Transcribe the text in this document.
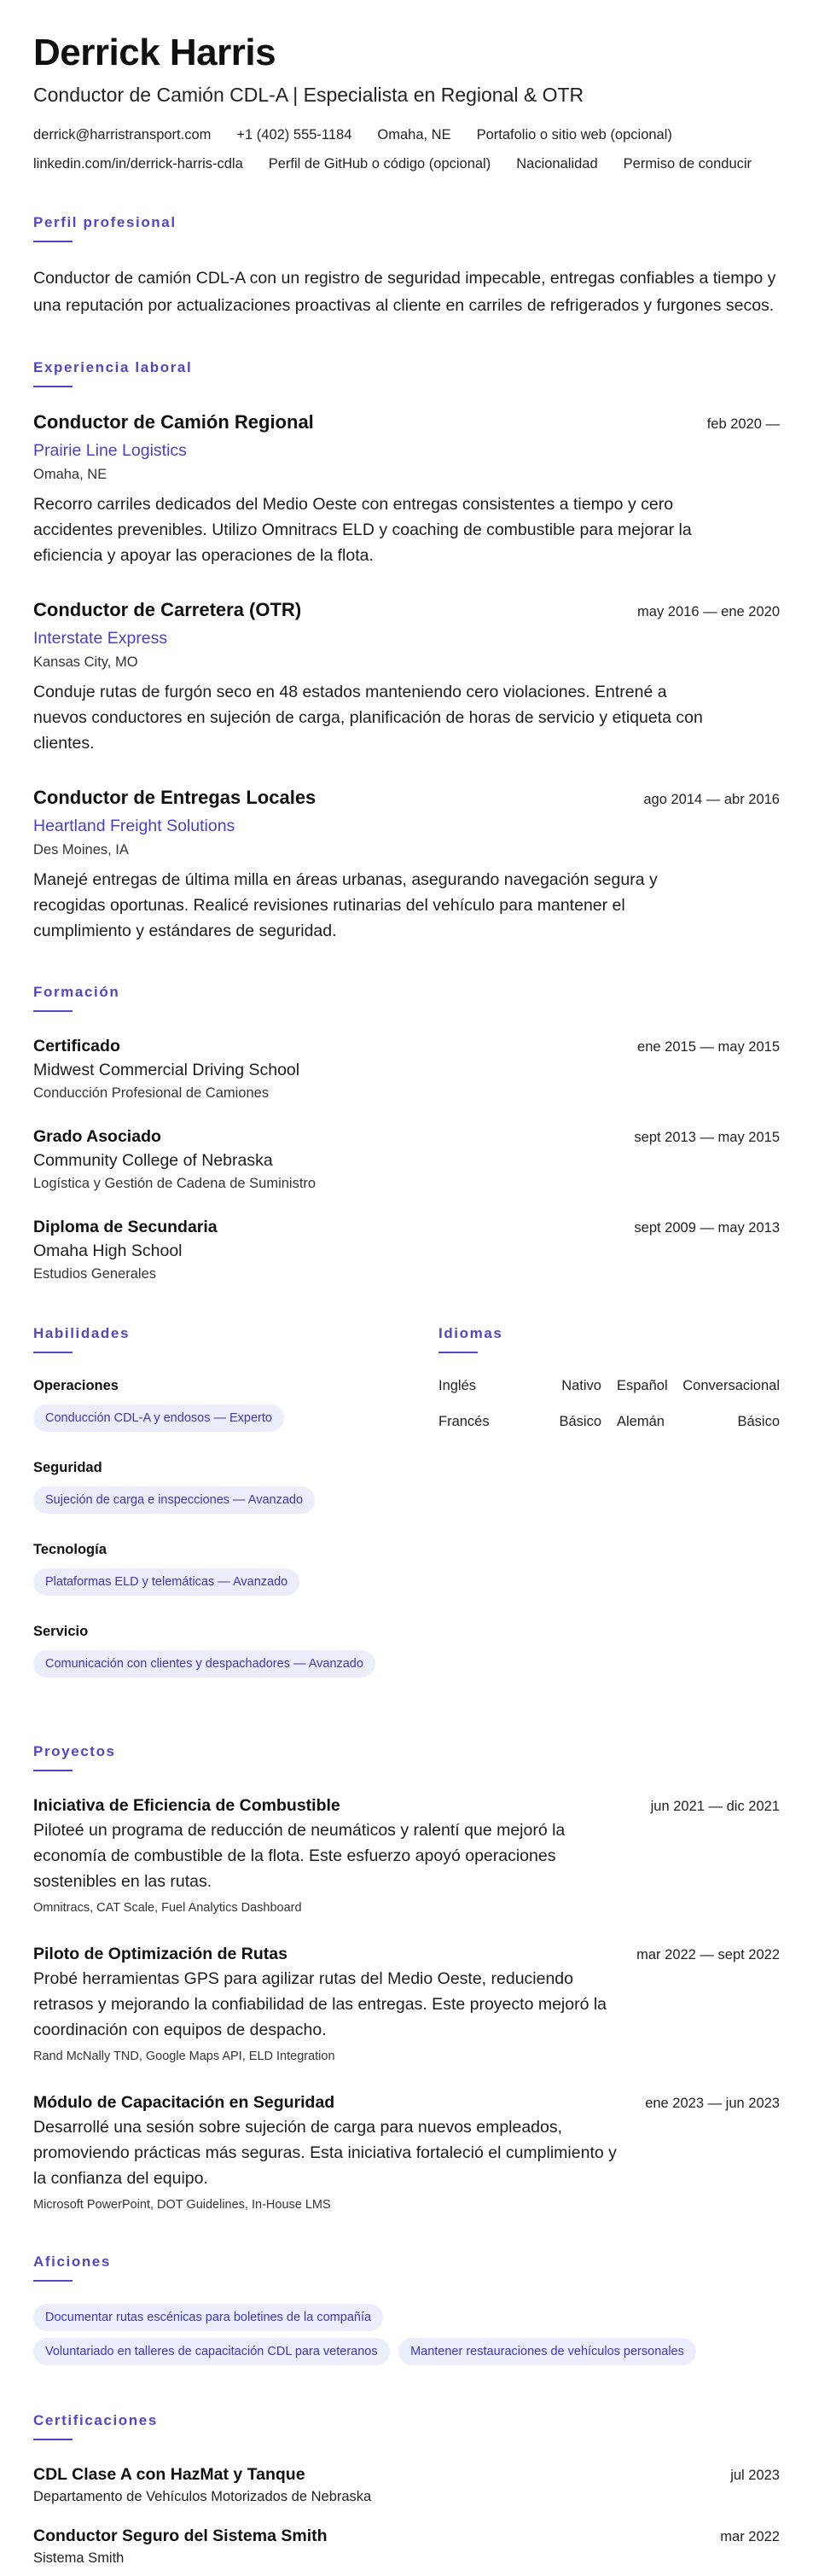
Derrick Harris
Conductor de Camión CDL-A | Especialista en Regional & OTR
derrick@harristransport.com +1 (402) 555-1184 Omaha, NE Portafolio o sitio web (opcional)
linkedin.com/in/derrick-harris-cdla Perfil de GitHub o código (opcional) Nacionalidad Permiso de conducir
Perfil profesional

Conductor de camión CDL-A con un registro de seguridad impecable, entregas confiables a tiempo y una reputación por actualizaciones proactivas al cliente en carriles de refrigerados y furgones secos.

Experiencia laboral
Conductor de Camión Regional	feb 2020 —
Prairie Line Logistics
Omaha, NE

Recorro carriles dedicados del Medio Oeste con entregas consistentes a tiempo y cero accidentes prevenibles. Utilizo Omnitracs ELD y coaching de combustible para mejorar la eficiencia y apoyar las operaciones de la flota.

Conductor de Carretera (OTR)	may 2016 — ene 2020
Interstate Express
Kansas City, MO

Conduje rutas de furgón seco en 48 estados manteniendo cero violaciones. Entrené a nuevos conductores en sujeción de carga, planificación de horas de servicio y etiqueta con clientes.

Conductor de Entregas Locales	ago 2014 — abr 2016
Heartland Freight Solutions
Des Moines, IA

Manejé entregas de última milla en áreas urbanas, asegurando navegación segura y recogidas oportunas. Realicé revisiones rutinarias del vehículo para mantener el cumplimiento y estándares de seguridad.

Formación
Certificado	ene 2015 — may 2015
Midwest Commercial Driving School
Conducción Profesional de Camiones
Grado Asociado	sept 2013 — may 2015
Community College of Nebraska
Logística y Gestión de Cadena de Suministro
Diploma de Secundaria	sept 2009 — may 2013
Omaha High School
Estudios Generales
Habilidades
Operaciones
Conducción CDL-A y endosos — Experto
Seguridad
Sujeción de carga e inspecciones — Avanzado
Tecnología
Plataformas ELD y telemáticas — Avanzado
Servicio
Comunicación con clientes y despachadores — Avanzado
Idiomas
Inglés	Nativo Español Conversacional
Francés	Básico Alemán	Básico
Proyectos
Iniciativa de Eficiencia de Combustible	jun 2021 — dic 2021

Piloteé un programa de reducción de neumáticos y ralentí que mejoró la economía de combustible de la flota. Este esfuerzo apoyó operaciones sostenibles en las rutas.

Omnitracs, CAT Scale, Fuel Analytics Dashboard
Piloto de Optimización de Rutas	mar 2022 — sept 2022

Probé herramientas GPS para agilizar rutas del Medio Oeste, reduciendo retrasos y mejorando la confiabilidad de las entregas. Este proyecto mejoró la coordinación con equipos de despacho.

Rand McNally TND, Google Maps API, ELD Integration
Módulo de Capacitación en Seguridad	ene 2023 — jun 2023

Desarrollé una sesión sobre sujeción de carga para nuevos empleados, promoviendo prácticas más seguras. Esta iniciativa fortaleció el cumplimiento y la confianza del equipo.

Microsoft PowerPoint, DOT Guidelines, In-House LMS
Aficiones
Documentar rutas escénicas para boletines de la compañía
Voluntariado en talleres de capacitación CDL para veteranos	Mantener restauraciones de vehículos personales
Certificaciones
CDL Clase A con HazMat y Tanque	jul 2023
Departamento de Vehículos Motorizados de Nebraska
Conductor Seguro del Sistema Smith	mar 2022
Sistema Smith
